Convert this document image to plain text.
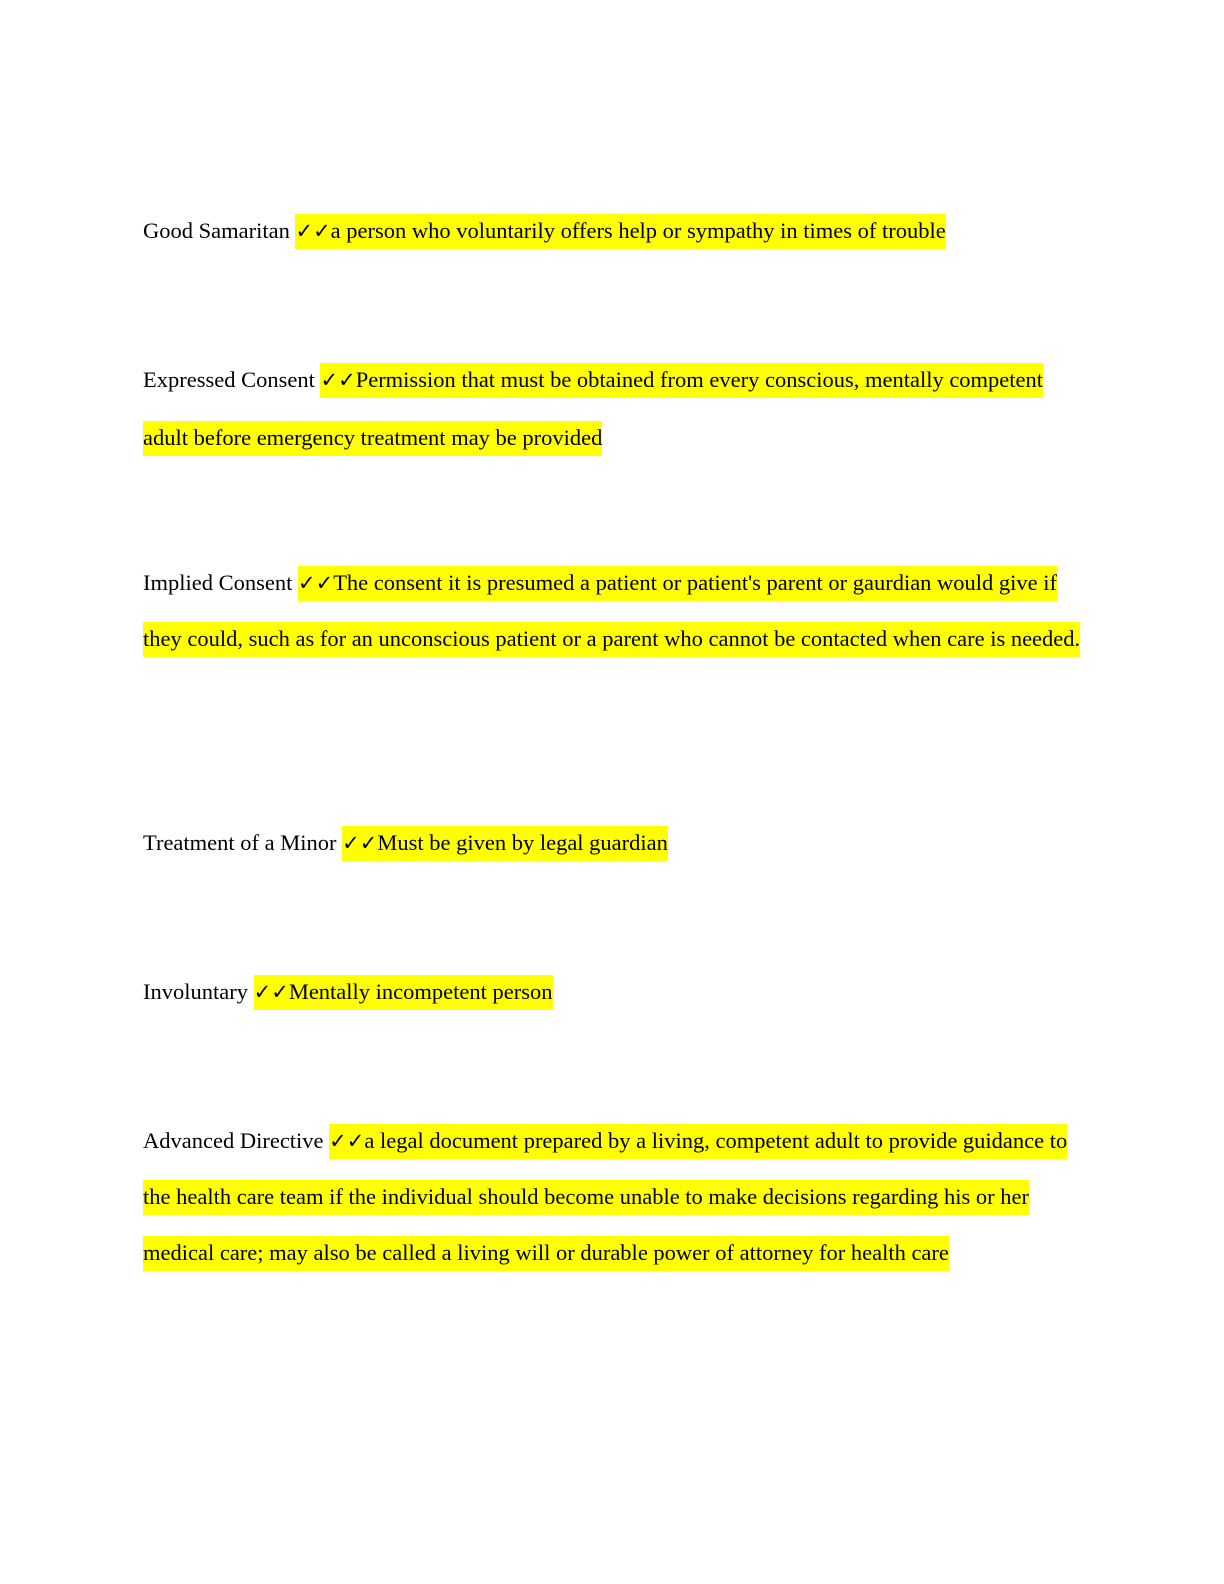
Good Samaritan ✓✓a person who voluntarily offers help or sympathy in times of trouble

Expressed Consent ✓✓Permission that must be obtained from every conscious, mentally competent adult before emergency treatment may be provided

Implied Consent ✓✓The consent it is presumed a patient or patient's parent or gaurdian would give if they could, such as for an unconscious patient or a parent who cannot be contacted when care is needed.

Treatment of a Minor ✓✓Must be given by legal guardian

Involuntary ✓✓Mentally incompetent person

Advanced Directive ✓✓a legal document prepared by a living, competent adult to provide guidance to the health care team if the individual should become unable to make decisions regarding his or her medical care; may also be called a living will or durable power of attorney for health care
